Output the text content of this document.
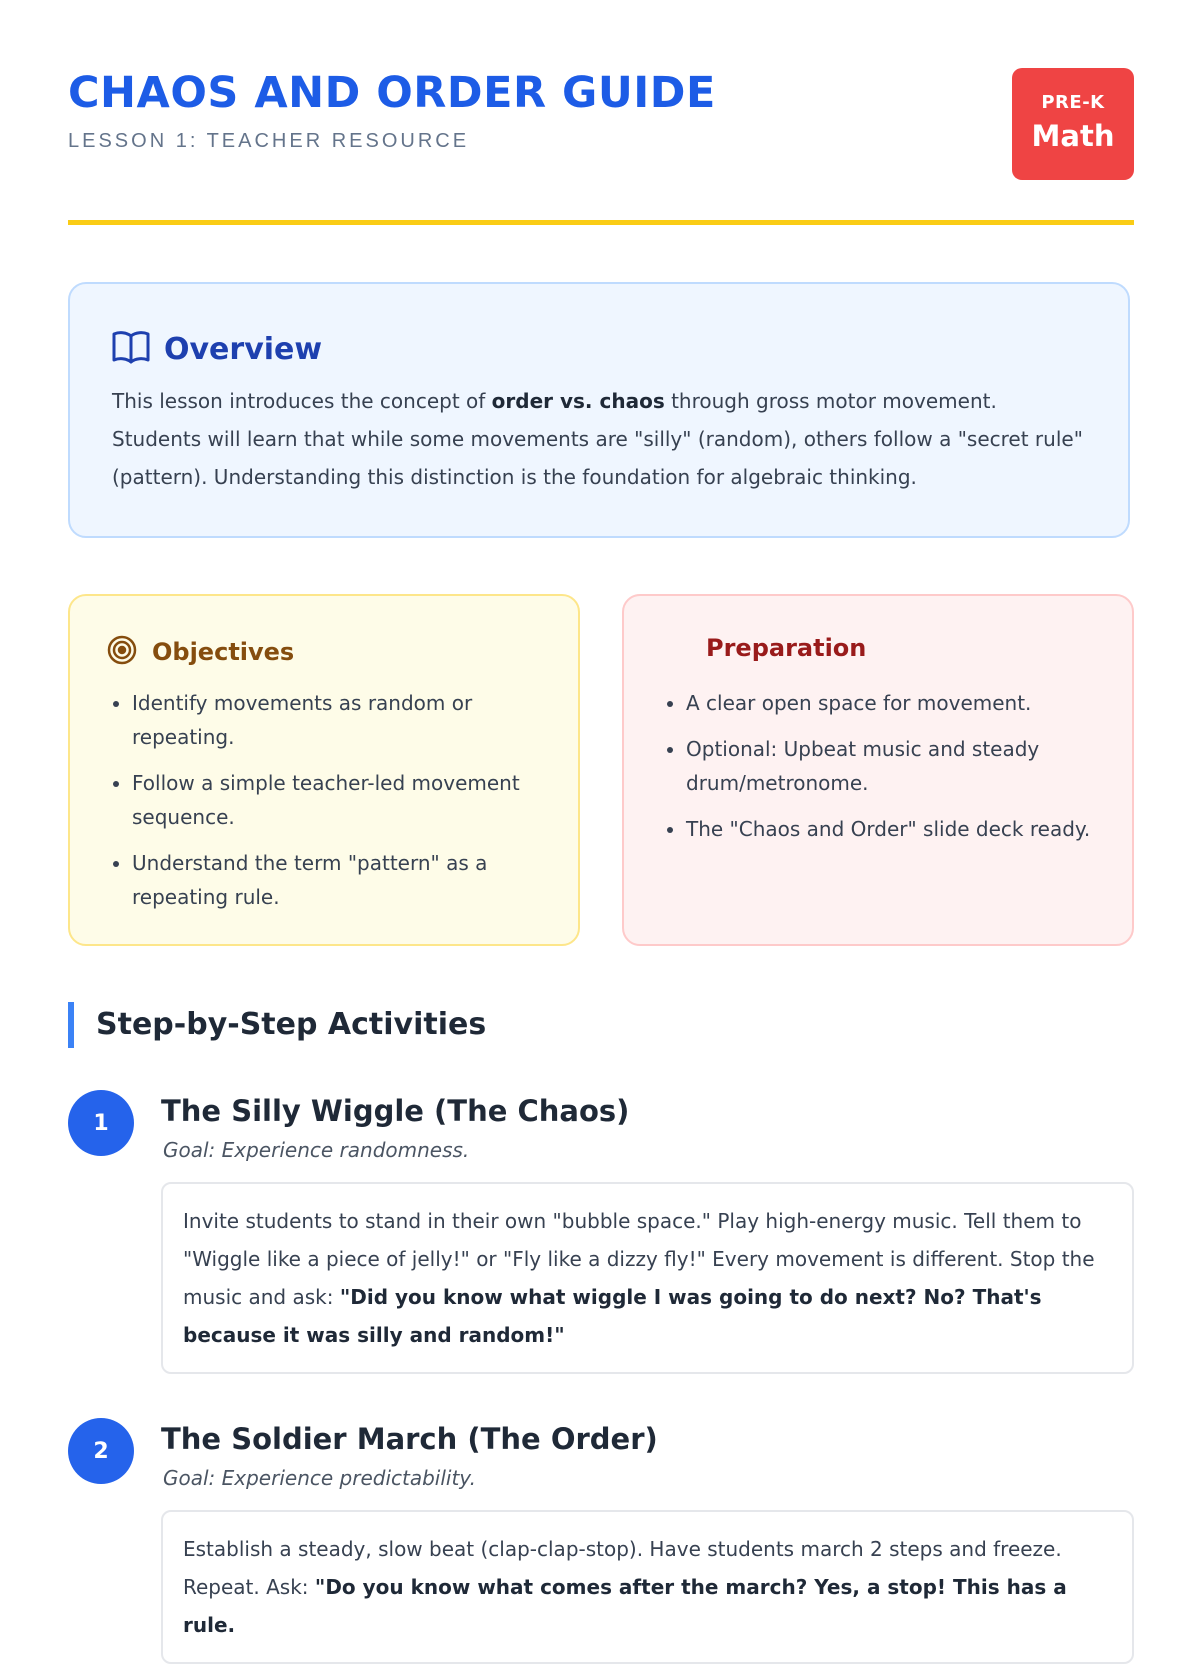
CHAOS AND ORDER GUIDE
LESSON 1: TEACHER RESOURCE
PRE-K
Math
Overview

This lesson introduces the concept of order vs. chaos through gross motor movement. Students will learn that while some movements are "silly" (random), others follow a "secret rule" (pattern). Understanding this distinction is the foundation for algebraic thinking.

Objectives
• Identify movements as random or repeating.
• Follow a simple teacher-led movement sequence.
• Understand the term "pattern" as a repeating rule.
Preparation
• A clear open space for movement.
• Optional: Upbeat music and steady drum/metronome.
• The "Chaos and Order" slide deck ready.
Step-by-Step Activities
1	The Silly Wiggle (The Chaos)
Goal: Experience randomness.
Invite students to stand in their own "bubble space." Play high-energy music. Tell them to "Wiggle like a piece of jelly!" or "Fly like a dizzy fly!" Every movement is different. Stop the music and ask: "Did you know what wiggle I was going to do next? No? That's because it was silly and random!"
2	The Soldier March (The Order)
Goal: Experience predictability.
Establish a steady, slow beat (clap-clap-stop). Have students march 2 steps and freeze. Repeat. Ask: "Do you know what comes after the march? Yes, a stop! This has a rule.
